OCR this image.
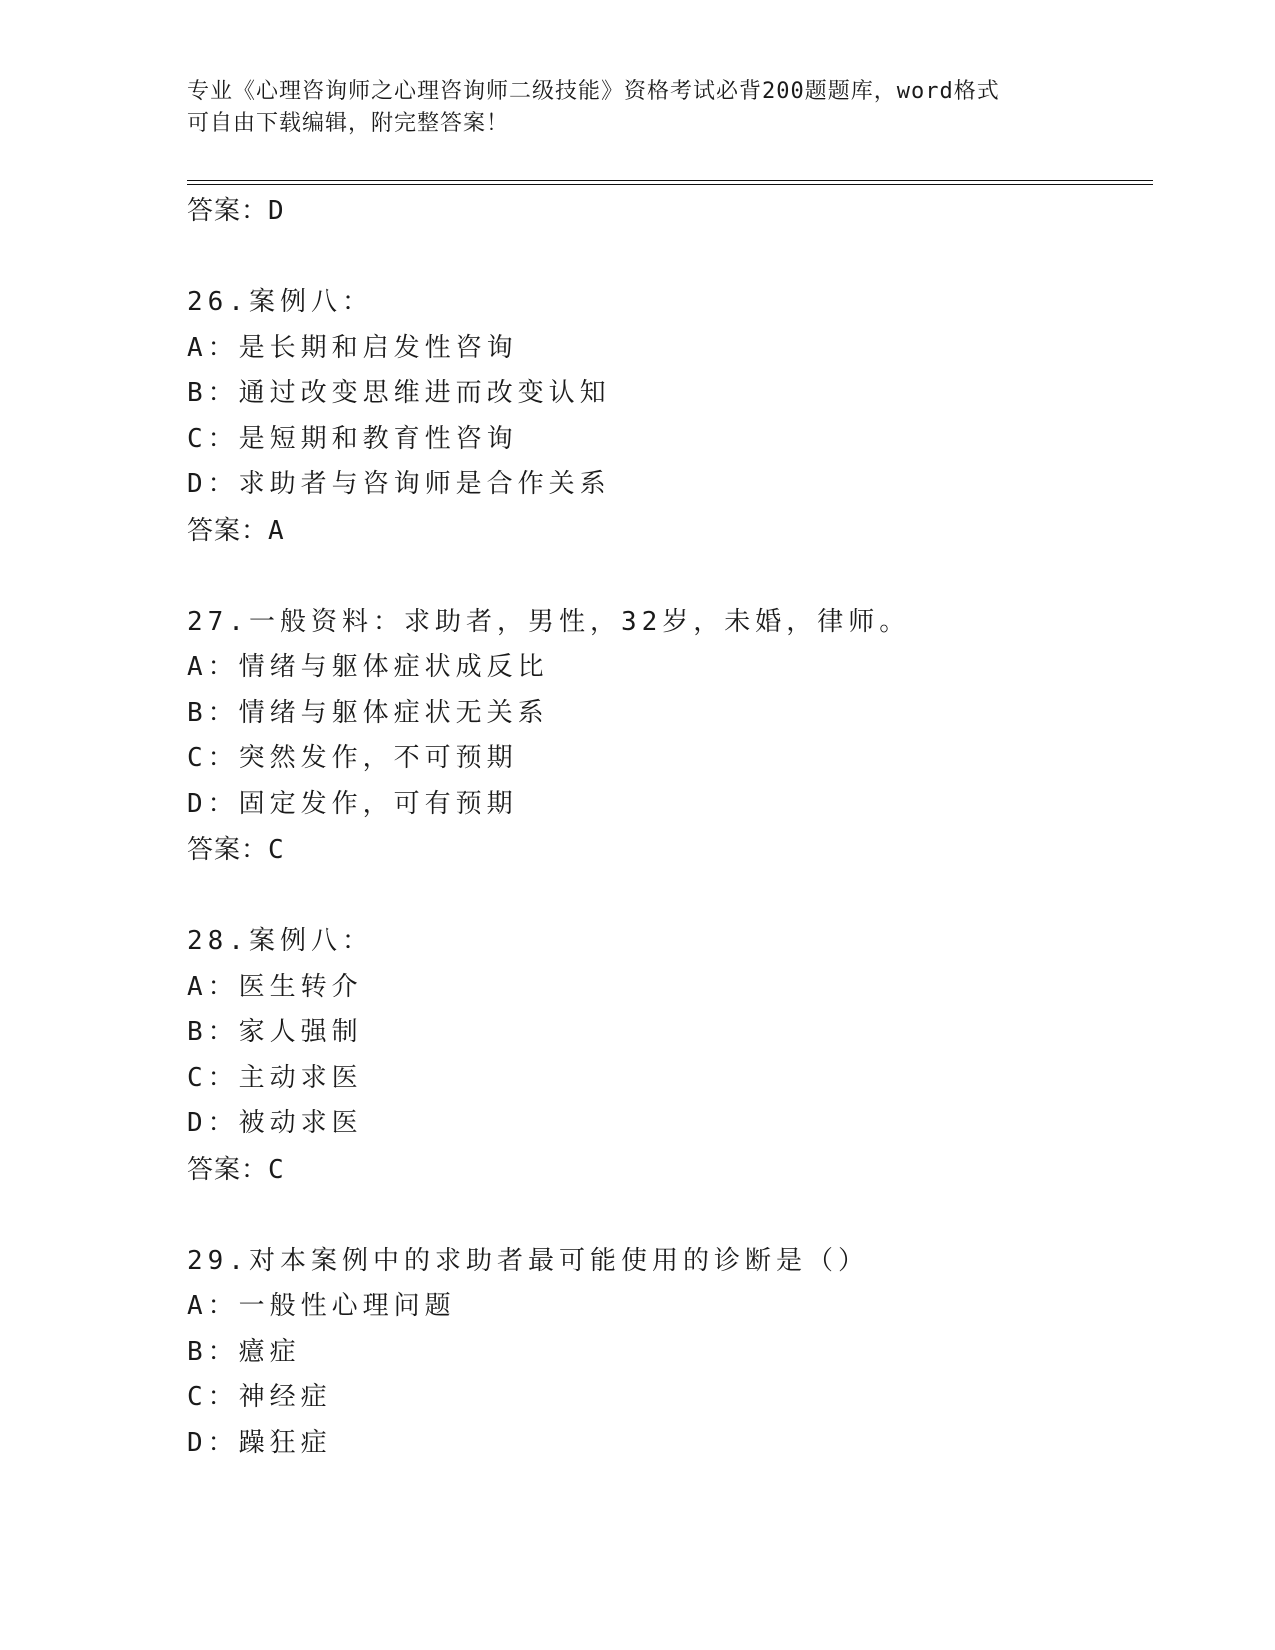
专业《心理咨询师之心理咨询师二级技能》资格考试必背200题题库，word格式
可自由下载编辑，附完整答案！
答案：D
26.案例八：
A：是长期和启发性咨询
B：通过改变思维进而改变认知
C：是短期和教育性咨询
D：求助者与咨询师是合作关系
答案：A
27.一般资料：求助者，男性，32岁，未婚，律师。
A：情绪与躯体症状成反比
B：情绪与躯体症状无关系
C：突然发作，不可预期
D：固定发作，可有预期
答案：C
28.案例八：
A：医生转介
B：家人强制
C：主动求医
D：被动求医
答案：C
29.对本案例中的求助者最可能使用的诊断是（）
A：一般性心理问题
B：癔症
C：神经症
D：躁狂症
